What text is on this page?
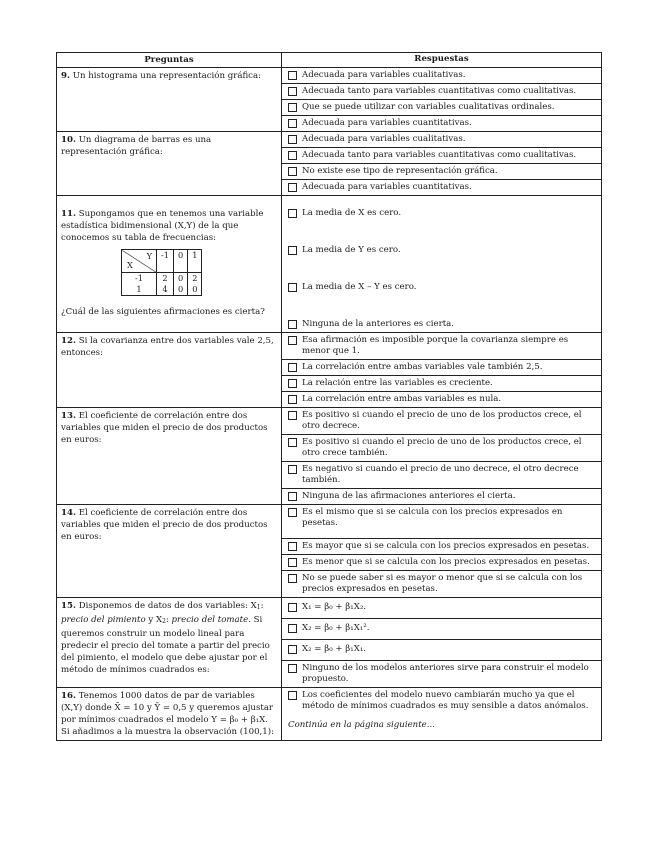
Preguntas	Respuestas
9. Un histograma una representación gráfica:	Adecuada para variables cualitativas.
Adecuada tanto para variables cuantitativas como cualitativas.
Que se puede utilizar con variables cualitativas ordinales.
Adecuada para variables cuantitativas.

10. Un diagrama de barras es una representación gráfica:	
Adecuada para variables cualitativas.
Adecuada tanto para variables cuantitativas como cualitativas.
No existe ese tipo de representación gráfica.
Adecuada para variables cuantitativas.

11. Supongamos que en tenemos una variable estadística bidimensional (X,Y) de la que conocemos su tabla de frecuencias:
Y
X
	-1	0	1
-1	2	0	2
1	4	0	0
¿Cuál de las siguientes afirmaciones es cierta?

La media de X es cero.
La media de Y es cero.
La media de X – Y es cero.
Ninguna de la anteriores es cierta.

12. Si la covarianza entre dos variables vale 2,5, entonces:	
Esa afirmación es imposible porque la covarianza siempre es menor que 1.
La correlación entre ambas variables vale también 2,5.
La relación entre las variables es creciente.
La correlación entre ambas variables es nula.

13. El coeficiente de correlación entre dos variables que miden el precio de dos productos en euros:	
Es positivo si cuando el precio de uno de los productos crece, el otro decrece.
Es positivo si cuando el precio de uno de los productos crece, el otro crece también.
Es negativo si cuando el precio de uno decrece, el otro decrece también.
Ninguna de las afirmaciones anteriores el cierta.

14. El coeficiente de correlación entre dos variables que miden el precio de dos productos en euros:	
Es el mismo que si se calcula con los precios expresados en pesetas.
Es mayor que si se calcula con los precios expresados en pesetas.
Es menor que si se calcula con los precios expresados en pesetas.
No se puede saber si es mayor o menor que si se calcula con los precios expresados en pesetas.

15. Disponemos de datos de dos variables: X1: precio del pimiento y X2: precio del tomate. Si queremos construir un modelo lineal para predecir el precio del tomate a partir del precio del pimiento, el modelo que debe ajustar por el método de mínimos cuadrados es:	
X₁ = β₀ + β₁X₂.
X₂ = β₀ + β₁X₁².
X₂ = β₀ + β₁X₁.
Ninguno de los modelos anteriores sirve para construir el modelo propuesto.

16. Tenemos 1000 datos de par de variables (X,Y) donde X̄ = 10 y Ȳ = 0,5 y queremos ajustar por mínimos cuadrados el modelo Y = β₀ + β₁X. Si añadimos a la muestra la observación (100,1):	
Los coeficientes del modelo nuevo cambiarán mucho ya que el método de mínimos cuadrados es muy sensible a datos anómalos.
Continúa en la página siguiente...
